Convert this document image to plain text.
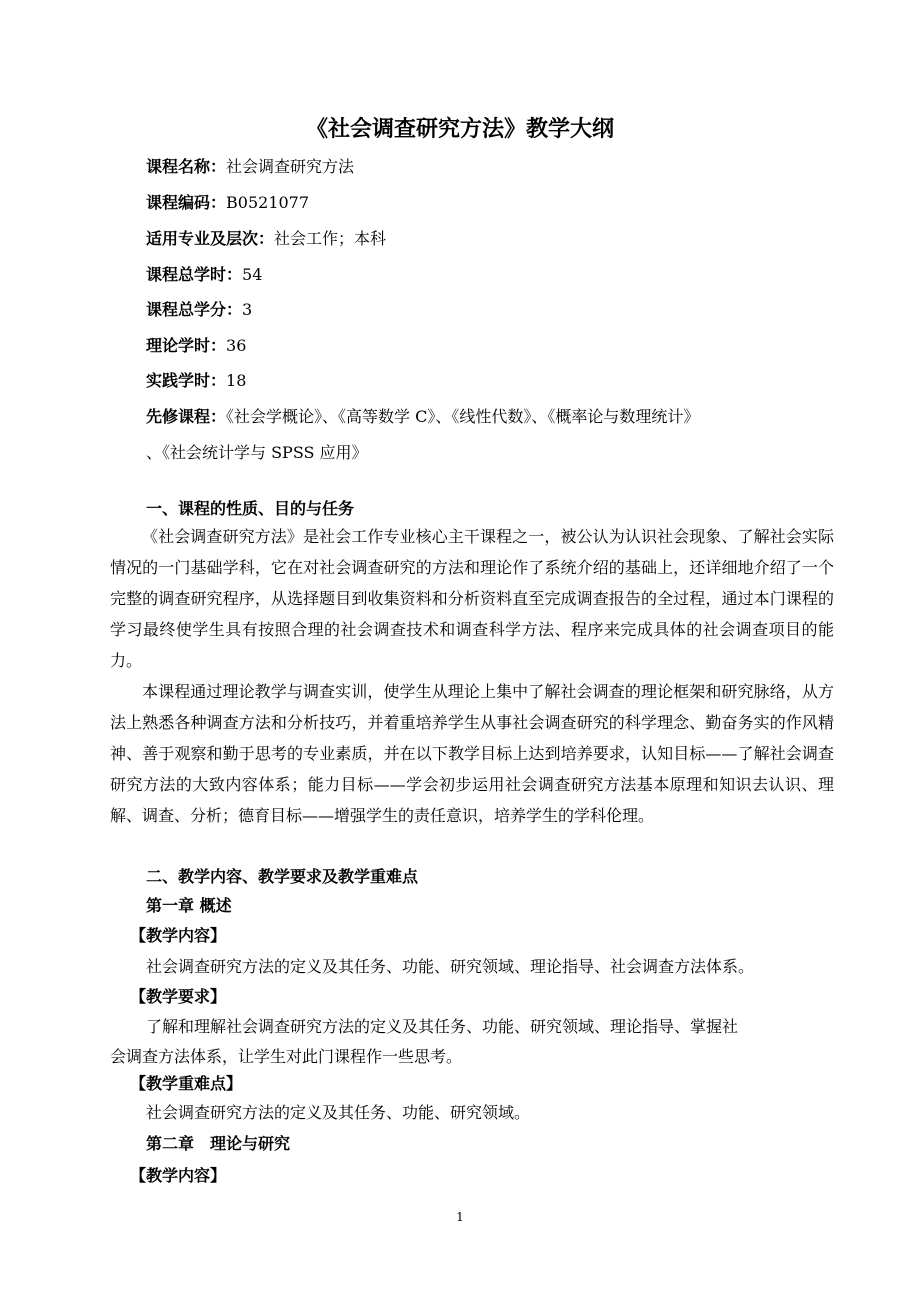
《社会调查研究方法》教学大纲
课程名称：社会调查研究方法
课程编码：B0521077
适用专业及层次：社会工作；本科
课程总学时：54
课程总学分：3
理论学时：36
实践学时：18
先修课程：《社会学概论》、《高等数学 C》、《线性代数》、《概率论与数理统计》
、《社会统计学与 SPSS 应用》
一、课程的性质、目的与任务

《社会调查研究方法》是社会工作专业核心主干课程之一，被公认为认识社会现象、了解社会实际情况的一门基础学科，它在对社会调查研究的方法和理论作了系统介绍的基础上，还详细地介绍了一个完整的调查研究程序，从选择题目到收集资料和分析资料直至完成调查报告的全过程，通过本门课程的学习最终使学生具有按照合理的社会调查技术和调查科学方法、程序来完成具体的社会调查项目的能力。

本课程通过理论教学与调查实训，使学生从理论上集中了解社会调查的理论框架和研究脉络，从方法上熟悉各种调查方法和分析技巧，并着重培养学生从事社会调查研究的科学理念、勤奋务实的作风精神、善于观察和勤于思考的专业素质，并在以下教学目标上达到培养要求，认知目标——了解社会调查研究方法的大致内容体系；能力目标——学会初步运用社会调查研究方法基本原理和知识去认识、理解、调查、分析；德育目标——增强学生的责任意识，培养学生的学科伦理。

二、教学内容、教学要求及教学重难点
第一章 概述
【教学内容】
社会调查研究方法的定义及其任务、功能、研究领域、理论指导、社会调查方法体系。
【教学要求】
了解和理解社会调查研究方法的定义及其任务、功能、研究领域、理论指导、掌握社
会调查方法体系，让学生对此门课程作一些思考。
【教学重难点】
社会调查研究方法的定义及其任务、功能、研究领域。
第二章　理论与研究
【教学内容】
1
